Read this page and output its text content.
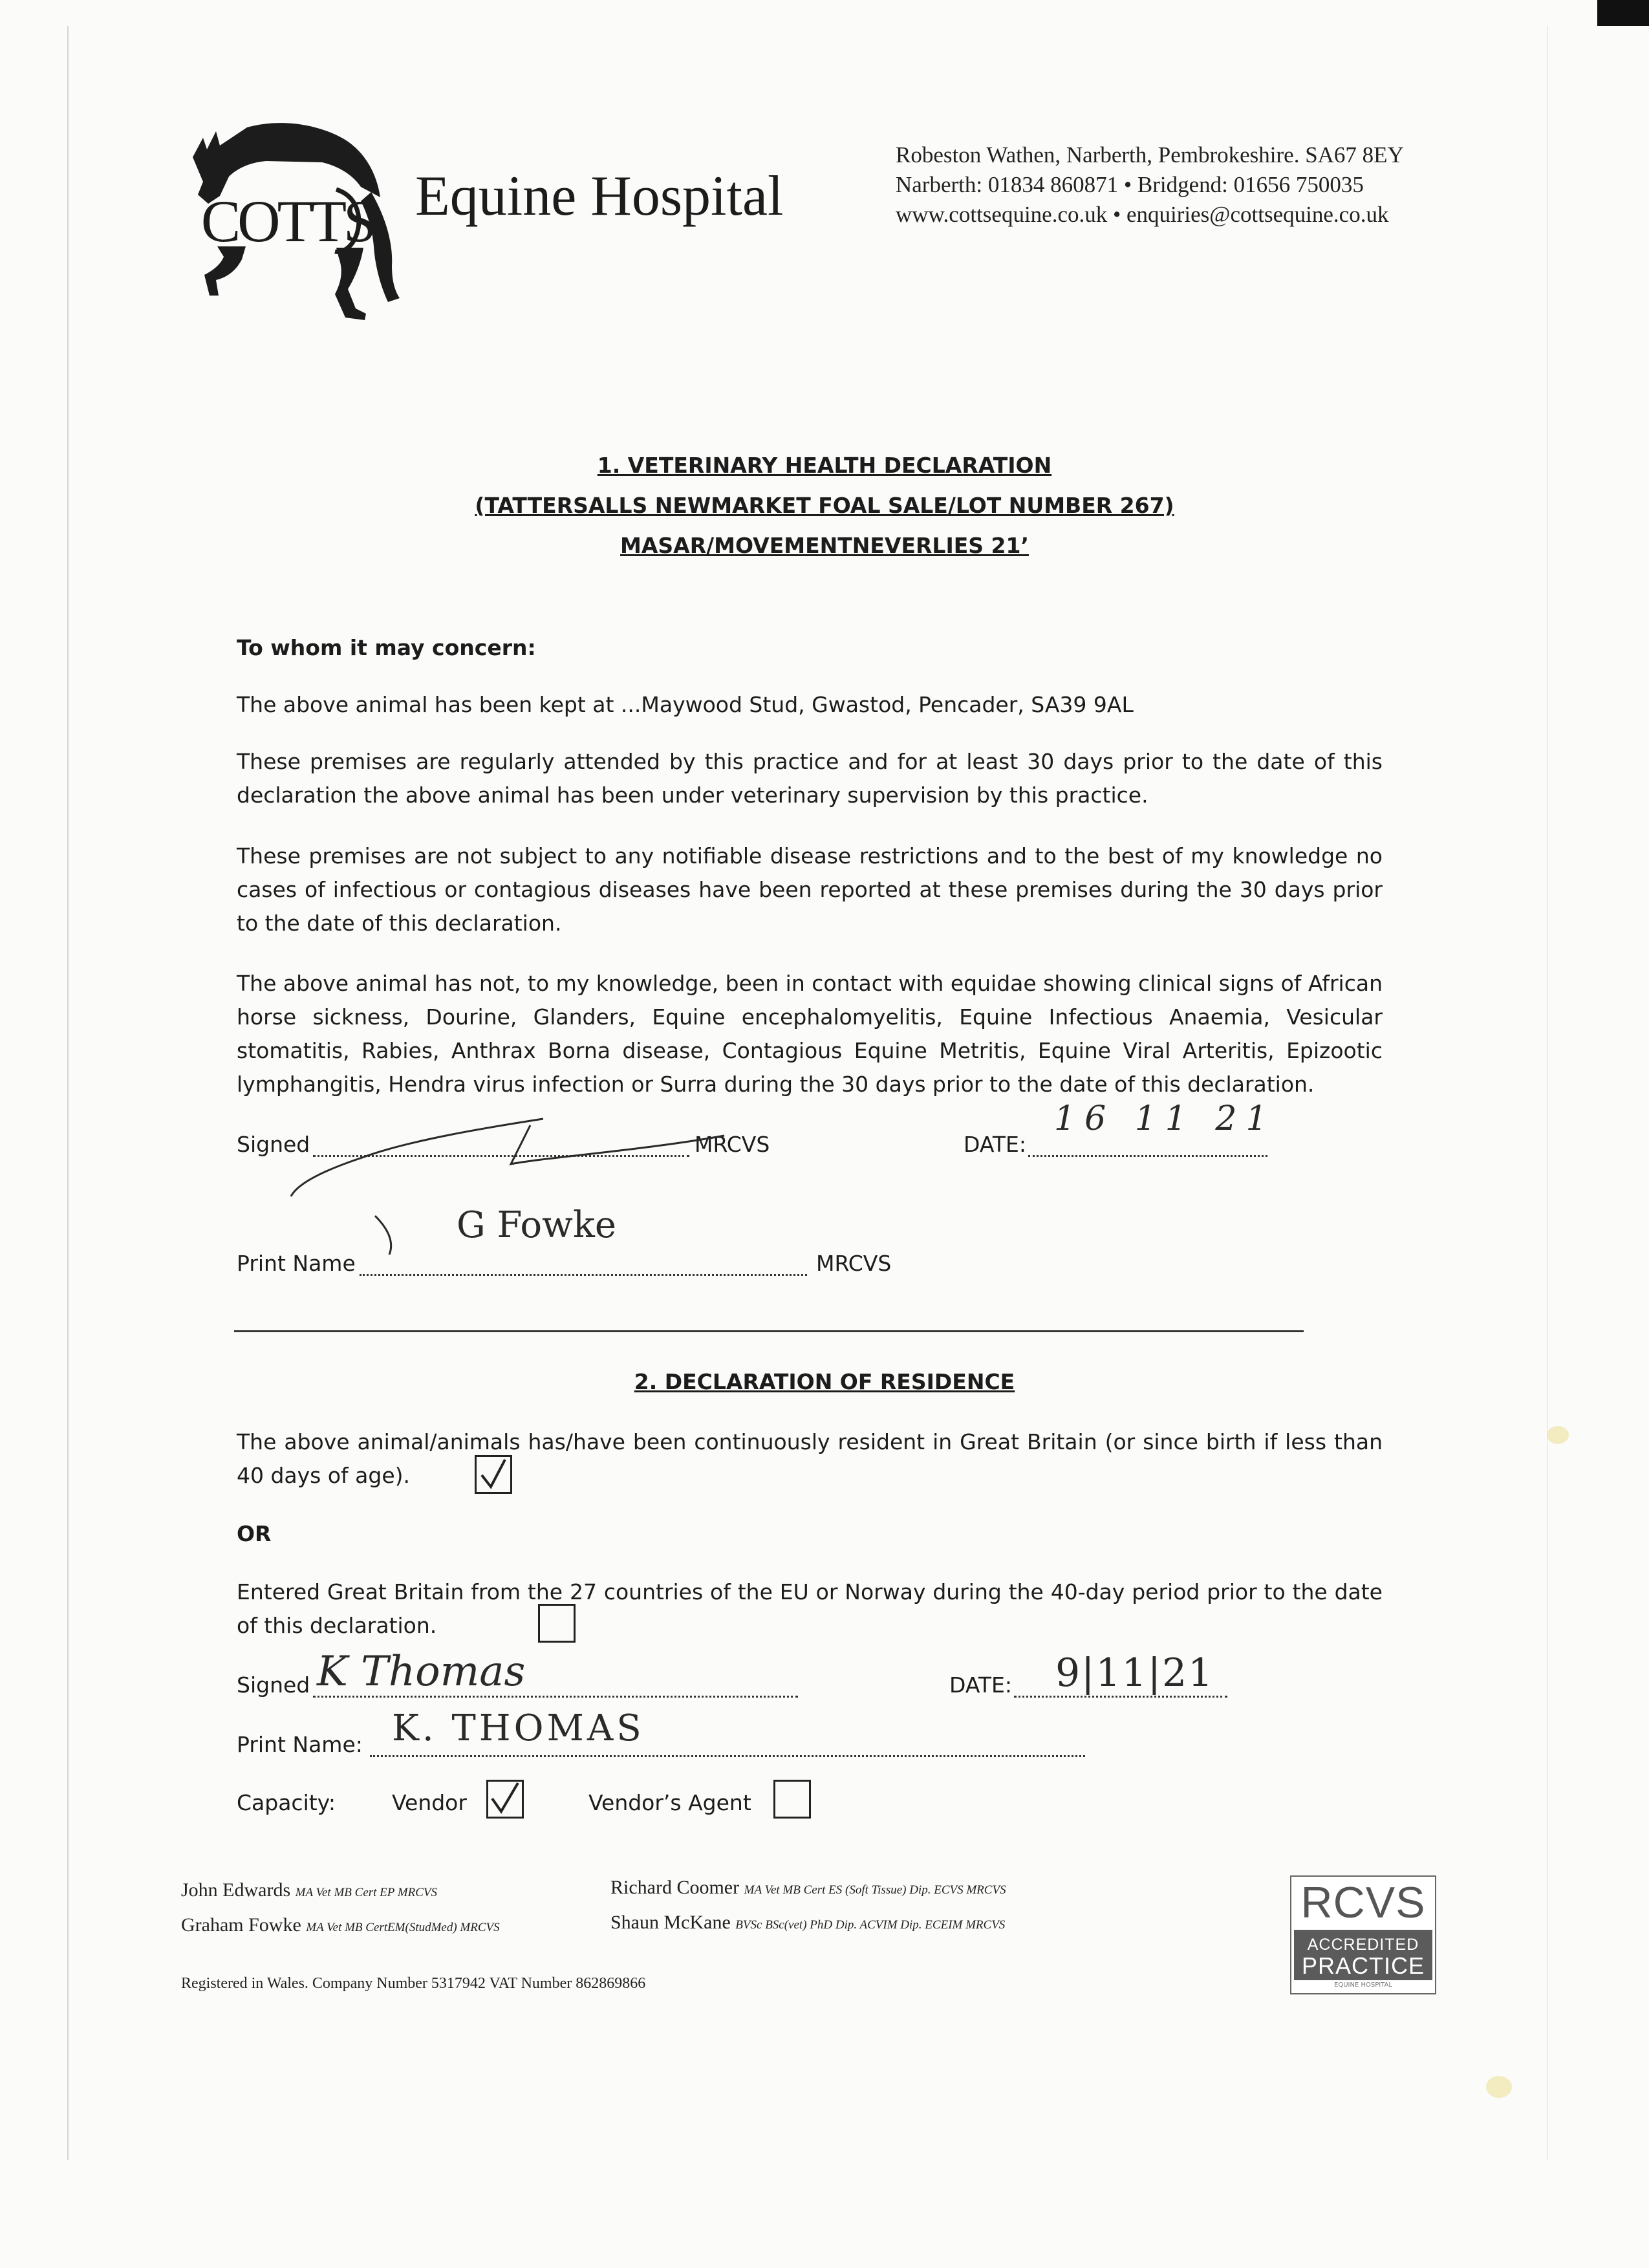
COTTS Equine Hospital
Robeston Wathen, Narberth, Pembrokeshire. SA67 8EY
Narberth: 01834 860871 • Bridgend: 01656 750035
www.cottsequine.co.uk • enquiries@cottsequine.co.uk
1. VETERINARY HEALTH DECLARATION
(TATTERSALLS NEWMARKET FOAL SALE/LOT NUMBER 267)
MASAR/MOVEMENTNEVERLIES 21’
To whom it may concern:
The above animal has been kept at ...Maywood Stud, Gwastod, Pencader, SA39 9AL
These premises are regularly attended by this practice and for at least 30 days prior to the date of this declaration the above animal has been under veterinary supervision by this practice.
These premises are not subject to any notifiable disease restrictions and to the best of my knowledge no cases of infectious or contagious diseases have been reported at these premises during the 30 days prior to the date of this declaration.
The above animal has not, to my knowledge, been in contact with equidae showing clinical signs of African horse sickness, Dourine, Glanders, Equine encephalomyelitis, Equine Infectious Anaemia, Vesicular stomatitis, Rabies, Anthrax Borna disease, Contagious Equine Metritis, Equine Viral Arteritis, Epizootic lymphangitis, Hendra virus infection or Surra during the 30 days prior to the date of this declaration.
Signed	MRCVS	DATE:
16 11 21
Print Name
G Fowke
MRCVS
2. DECLARATION OF RESIDENCE
The above animal/animals has/have been continuously resident in Great Britain (or since birth if less than 40 days of age).
OR
Entered Great Britain from the 27 countries of the EU or Norway during the 40-day period prior to the date of this declaration.
Signed K Thomas	DATE: 9|11|21
Print Name: K. THOMAS
Capacity:	Vendor	Vendor’s Agent
John Edwards MA Vet MB Cert EP MRCVS
Graham Fowke MA Vet MB CertEM(StudMed) MRCVS
Richard Coomer MA Vet MB Cert ES (Soft Tissue) Dip. ECVS MRCVS
Shaun McKane BVSc BSc(vet) PhD Dip. ACVIM Dip. ECEIM MRCVS
Registered in Wales. Company Number 5317942 VAT Number 862869866
RCVS
ACCREDITED
PRACTICE
EQUINE HOSPITAL
